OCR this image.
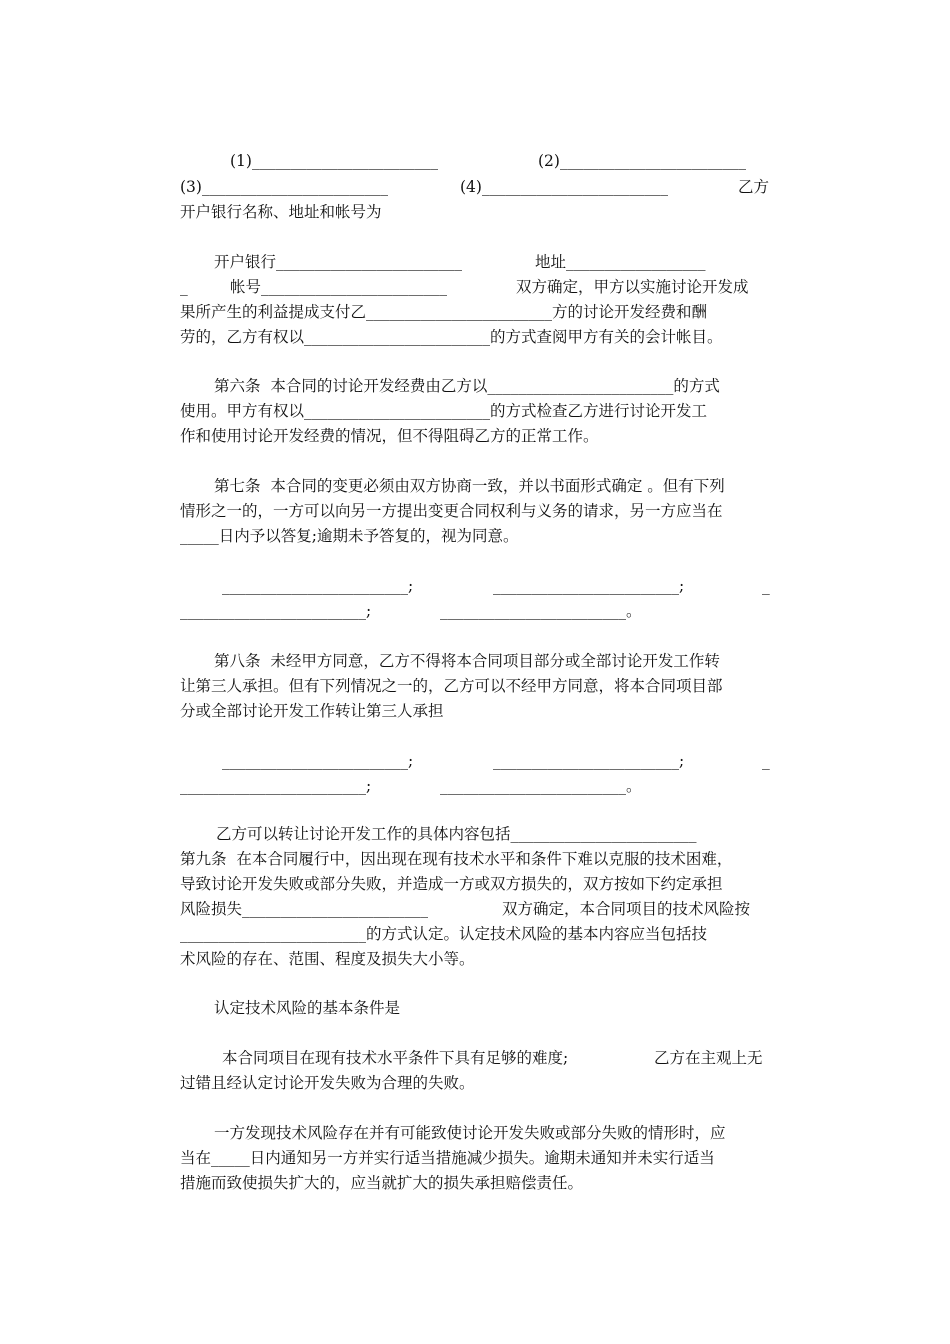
(1)________________________	(2)________________________
(3)________________________	(4)________________________	乙方
开户银行名称、地址和帐号为
开户银行________________________	地址__________________
_	帐号________________________	双方确定，甲方以实施讨论开发成
果所产生的利益提成支付乙________________________方的讨论开发经费和酬
劳的，乙方有权以________________________的方式查阅甲方有关的会计帐目。
第六条  本合同的讨论开发经费由乙方以________________________的方式
使用。甲方有权以________________________的方式检查乙方进行讨论开发工
作和使用讨论开发经费的情况，但不得阻碍乙方的正常工作。
第七条  本合同的变更必须由双方协商一致，并以书面形式确定 。但有下列
情形之一的，一方可以向另一方提出变更合同权利与义务的请求，另一方应当在
_____日内予以答复;逾期未予答复的，视为同意。
________________________;	________________________;	_
________________________;	________________________。
第八条  未经甲方同意，乙方不得将本合同项目部分或全部讨论开发工作转
让第三人承担。但有下列情况之一的，乙方可以不经甲方同意，将本合同项目部
分或全部讨论开发工作转让第三人承担
________________________;	________________________;	_
________________________;	________________________。
乙方可以转让讨论开发工作的具体内容包括________________________
第九条  在本合同履行中，因出现在现有技术水平和条件下难以克服的技术困难，
导致讨论开发失败或部分失败，并造成一方或双方损失的，双方按如下约定承担
风险损失________________________	双方确定，本合同项目的技术风险按
________________________的方式认定。认定技术风险的基本内容应当包括技
术风险的存在、范围、程度及损失大小等。
认定技术风险的基本条件是
本合同项目在现有技术水平条件下具有足够的难度;	乙方在主观上无
过错且经认定讨论开发失败为合理的失败。
一方发现技术风险存在并有可能致使讨论开发失败或部分失败的情形时，应
当在_____日内通知另一方并实行适当措施减少损失。逾期未通知并未实行适当
措施而致使损失扩大的，应当就扩大的损失承担赔偿责任。
